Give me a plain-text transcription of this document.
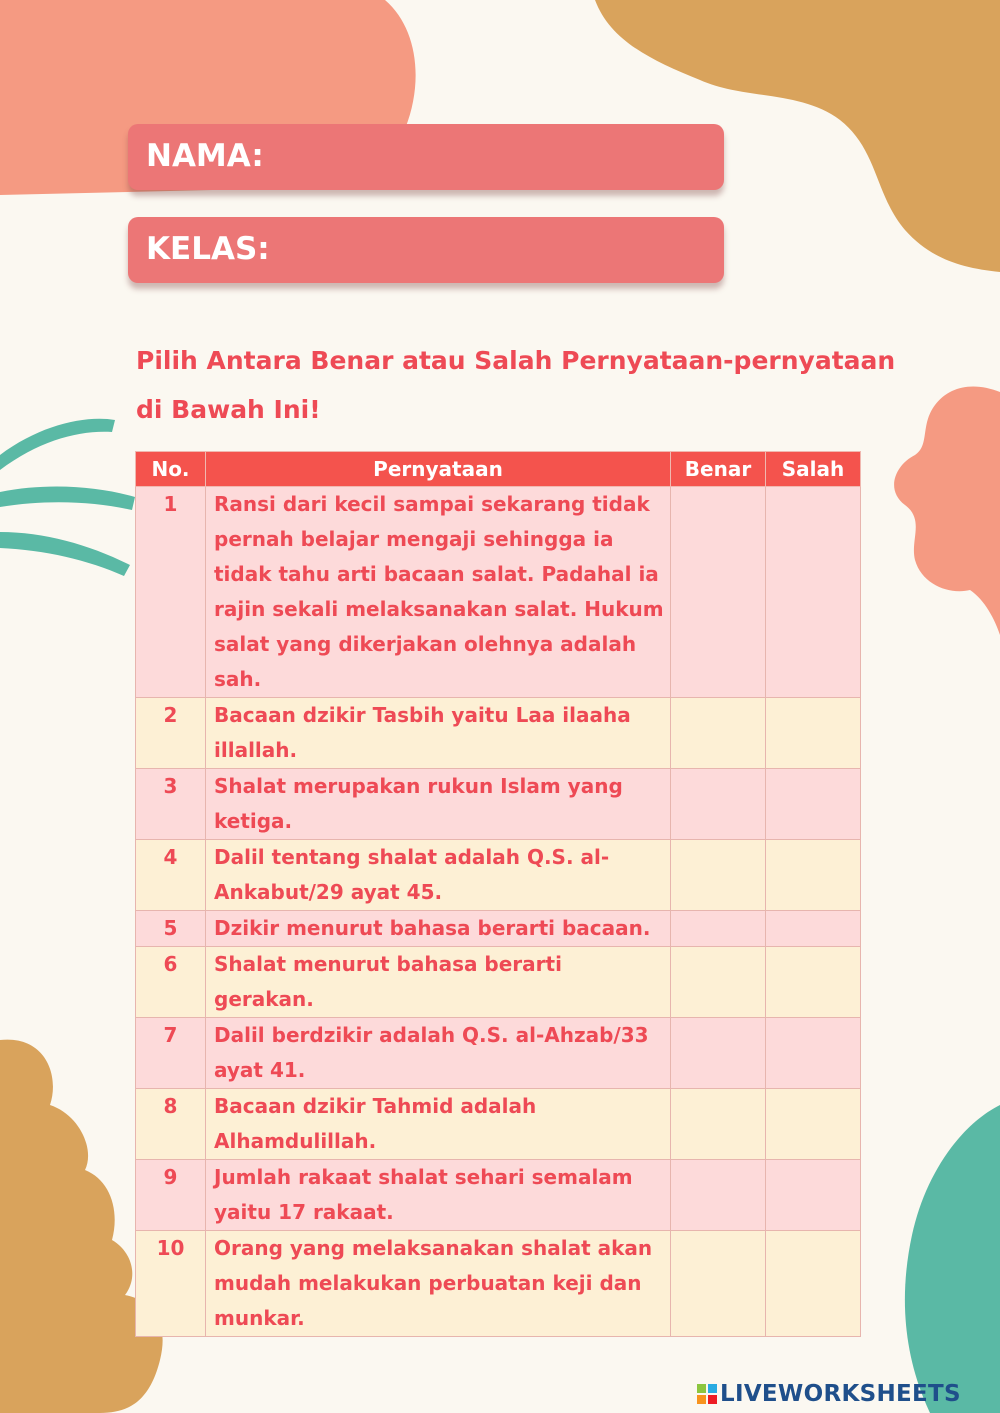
NAMA:
KELAS:
Pilih Antara Benar atau Salah Pernyataan-pernyataan
di Bawah Ini!
No.	Pernyataan	Benar	Salah
1	Ransi dari kecil sampai sekarang tidak pernah belajar mengaji sehingga ia tidak tahu arti bacaan salat. Padahal ia rajin sekali melaksanakan salat. Hukum salat yang dikerjakan olehnya adalah sah.		
2	Bacaan dzikir Tasbih yaitu Laa ilaaha illallah.		
3	Shalat merupakan rukun Islam yang ketiga.		
4	Dalil tentang shalat adalah Q.S. al-Ankabut/29 ayat 45.		
5	Dzikir menurut bahasa berarti bacaan.		
6	Shalat menurut bahasa berarti gerakan.		
7	Dalil berdzikir adalah Q.S. al-Ahzab/33 ayat 41.		
8	Bacaan dzikir Tahmid adalah Alhamdulillah.		
9	Jumlah rakaat shalat sehari semalam yaitu 17 rakaat.		
10	Orang yang melaksanakan shalat akan mudah melakukan perbuatan keji dan munkar.		
LIVEWORKSHEETS
